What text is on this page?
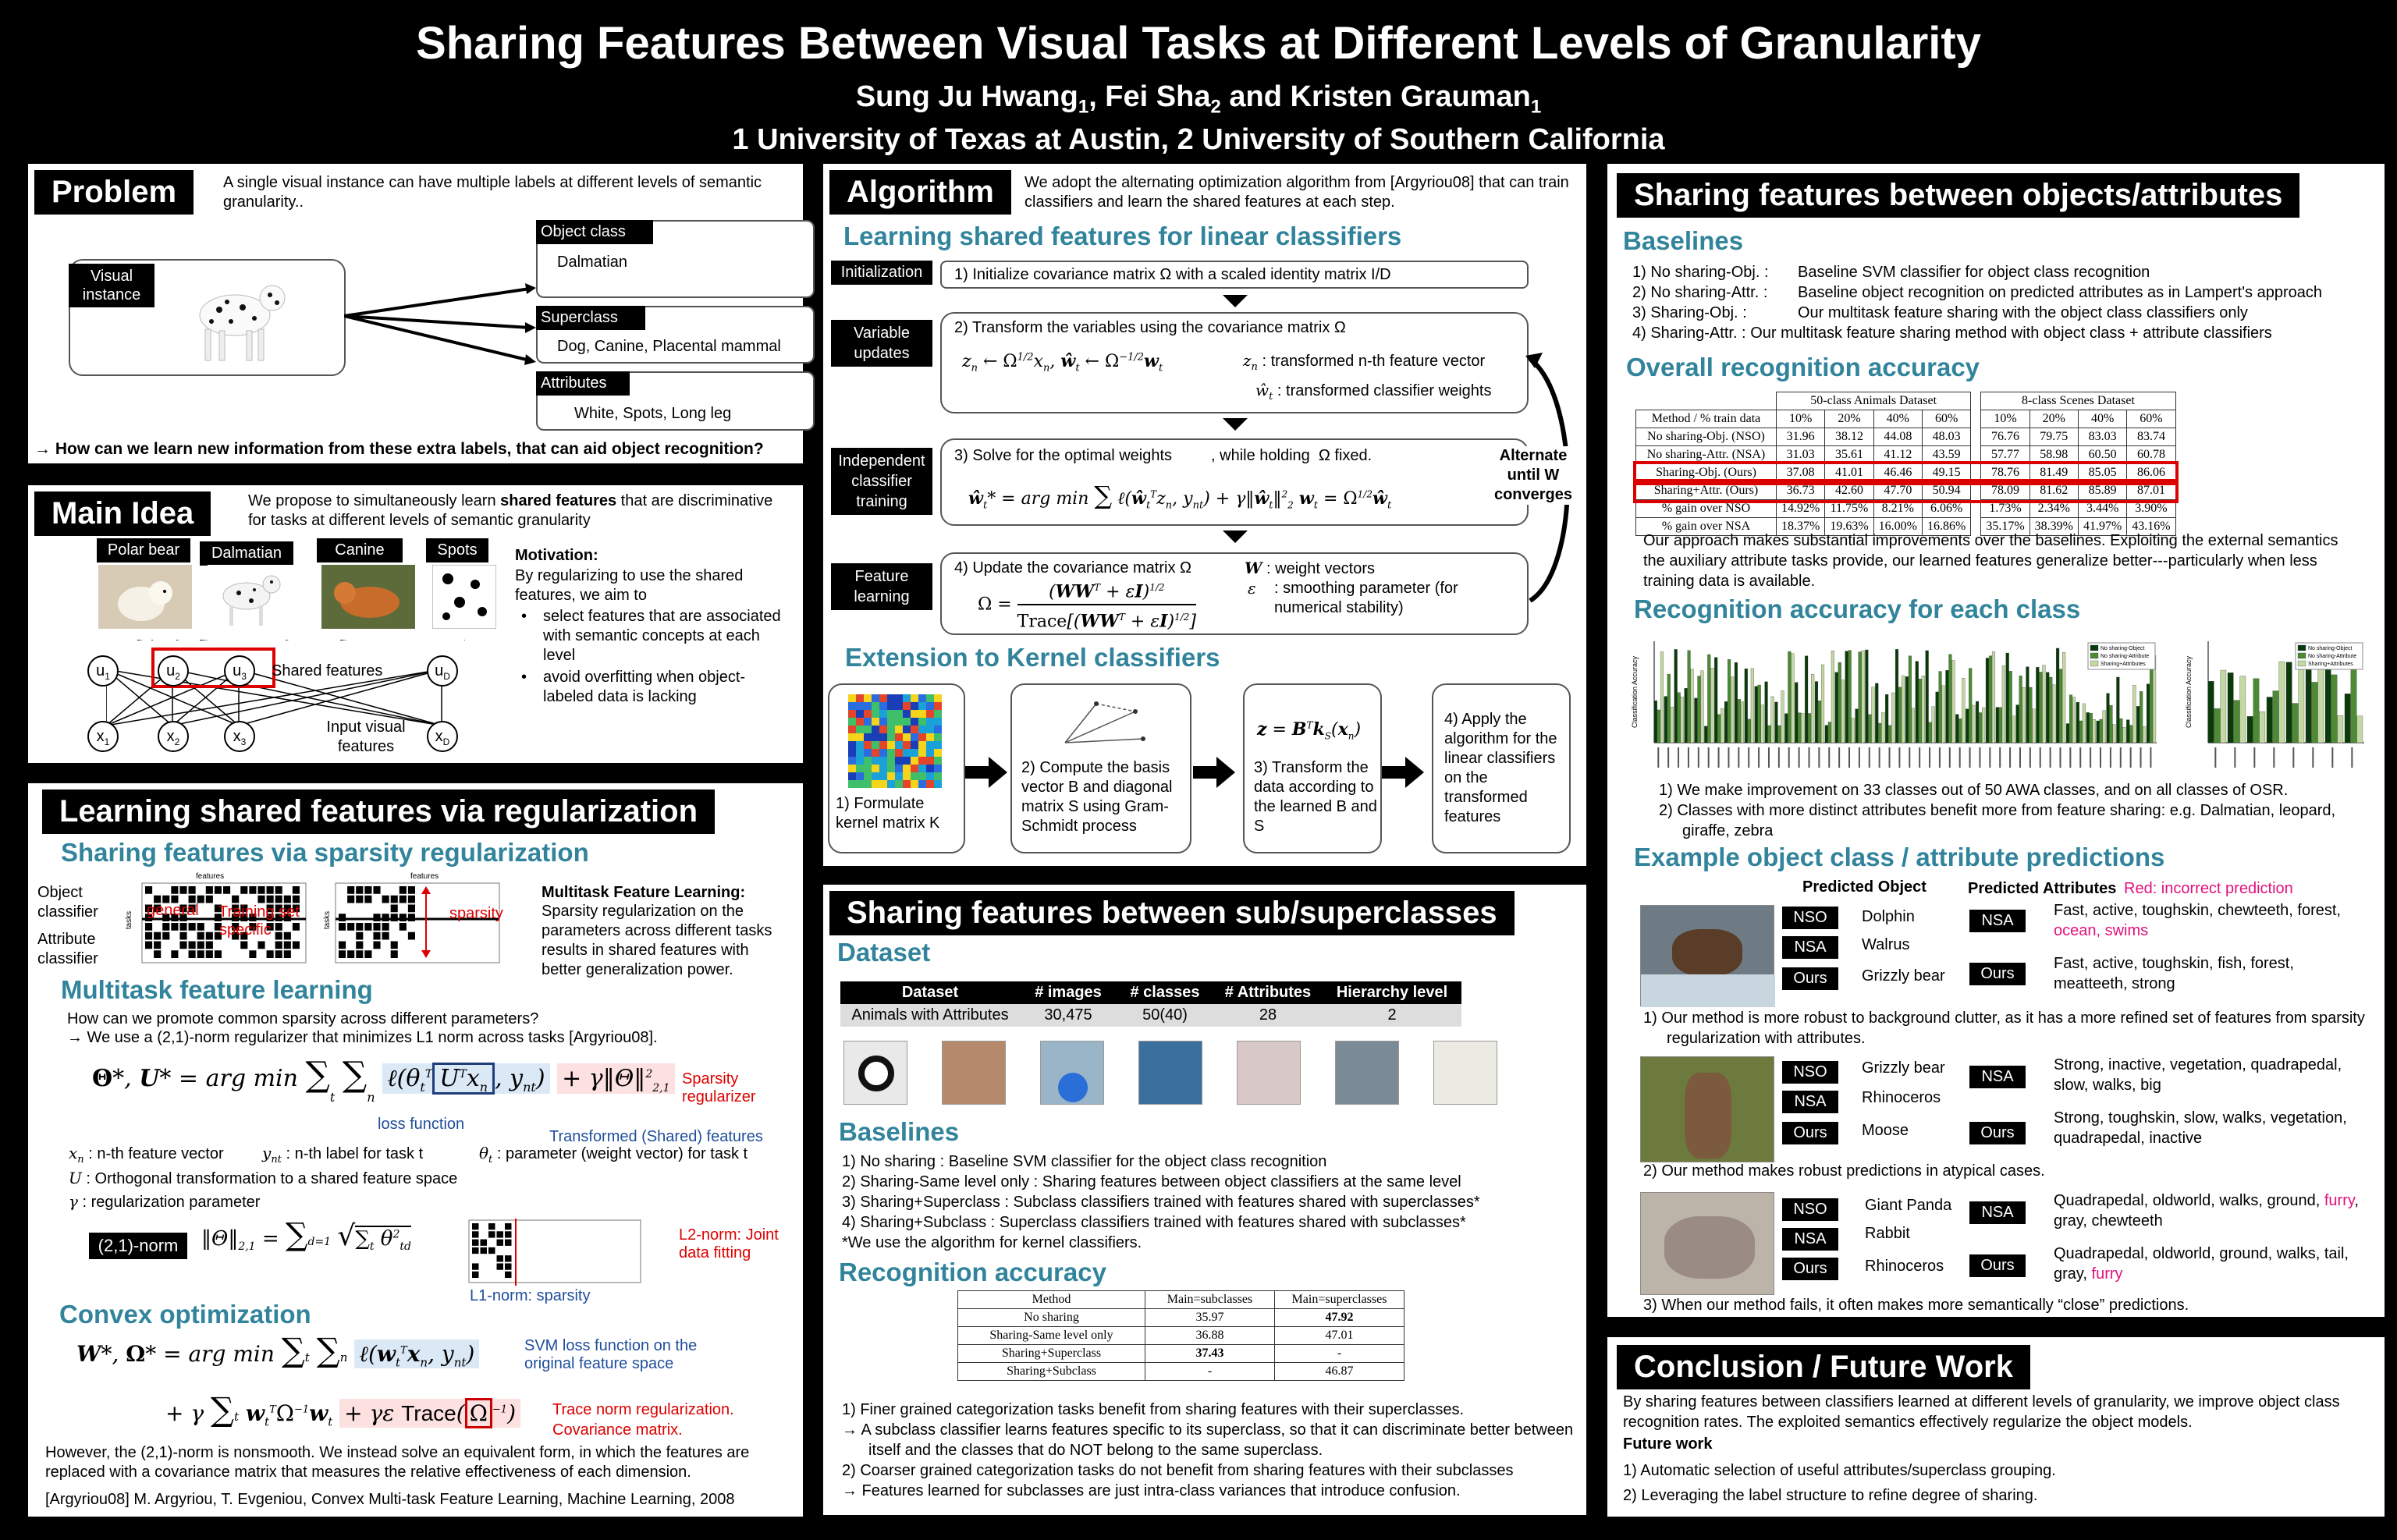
Sharing Features Between Visual Tasks at Different Levels of Granularity
Sung Ju Hwang$_1$, Fei Sha$_2$ and Kristen Grauman$_1$
1 University of Texas at Austin, 2 University of Southern California
Problem	A single visual instance can have multiple labels at different levels of semantic granularity..
Visual instance
Object class
Dalmatian
Superclass
Dog, Canine, Placental mammal
Attributes
White, Spots, Long leg
→ How can we learn new information from these extra labels, that can aid object recognition?
Main Idea	We propose to simultaneously learn shared features that are discriminative for tasks at different levels of semantic granularity
Polar bear	Dalmatian	Canine	Spots
$u_1$	$u_2$	$u_3$	$u_D$
Shared features
$x_1$	$x_2$	$x_3$	$x_D$
Input visual features
Motivation:
By regularizing to use the shared features, we aim to
• select features that are associated with semantic concepts at each level
• avoid overfitting when object-labeled data is lacking
Learning shared features via regularization
Sharing features via sparsity regularization
Object classifier
Attribute classifier
features
tasks
general Training set
specific
features
tasks	sparsity
Multitask Feature Learning:
Sparsity regularization on the parameters across different tasks results in shared features with better generalization power.
Multitask feature learning
How can we promote common sparsity across different parameters?
→ We use a (2,1)-norm regularizer that minimizes L1 norm across tasks [Argyriou08].
Θ*, U* = arg $\min \sum_t$ $\sum_n$ $\ell(\theta_t^T$ $U^Tx_n$ , $y_{nt}$) + γ‖Θ‖$^2_{2,1}$
Sparsity regularizer
loss function
Transformed (Shared) features
$x_n$ : n-th feature vector $y_{nt}$ : n-th label for task t	$\theta_t$ : parameter (weight vector) for task t
U : Orthogonal transformation to a shared feature space
γ : regularization parameter
(2,1)-norm	$‖\Theta‖_{2,1} = \sum d=1$ $√\sum_t$ $\theta^2_{td}$
L2-norm: Joint data fitting
L1-norm: sparsity
Convex optimization
W*, Ω* = arg min ∑t ∑n $\ell(w_t^Tx_n$, $y_{nt}$)	SVM loss function on the original feature space
+ γ ∑t $w_t^T\Omega^{-1}w_t + \gamma\varepsilon$ Trace( Ω $^{-1}$)	Trace norm regularization.
Covariance matrix.
However, the (2,1)-norm is nonsmooth. We instead solve an equivalent form, in which the features are replaced with a covariance matrix that measures the relative effectiveness of each dimension.
[Argyriou08] M. Argyriou, T. Evgeniou, Convex Multi-task Feature Learning, Machine Learning, 2008
Algorithm	We adopt the alternating optimization algorithm from [Argyriou08] that can train classifiers and learn the shared features at each step.
Learning shared features for linear classifiers
Initialization	1) Initialize covariance matrix Ω with a scaled identity matrix I/D
Variable updates
2) Transform the variables using the covariance matrix Ω
$z_n$ ← $\Omega^{1/2}x_n$, $ŵ_t$ ← $\Omega^{-1/2}w_t$	$z_n$ : transformed n-th feature vector
$ŵ_t$ : transformed classifier weights
Independent classifier training
3) Solve for the optimal weights         , while holding  Ω fixed.
$ŵ_t*$ = arg min ∑ $\ell(ŵ_t^Tz_n$, $y_{nt}$) + $\gamma‖ŵ_t‖^2_2$ $w_t$ = $\Omega^{1/2}ŵ_t$
Feature learning
4) Update the covariance matrix Ω
Ω =
$(WW^T + \varepsilon I)^{1/2}$
$Trace[(WW^T + \varepsilon I)^{1/2}]$
W : weight vectors
ε	: smoothing parameter (for numerical stability)
Alternate until W converges
Extension to Kernel classifiers
1) Formulate kernel matrix K
2) Compute the basis vector B and diagonal matrix S using Gram-Schmidt process
$z = B^Tk_S(x_n)$
3) Transform the data according to the learned B and S
4) Apply the algorithm for the linear classifiers on the transformed features
Sharing features between sub/superclasses
Dataset
Dataset	# images	# classes	# Attributes	Hierarchy level
Animals with Attributes	30,475	50(40)	28	2
Baselines
1) No sharing : Baseline SVM classifier for the object class recognition
2) Sharing-Same level only : Sharing features between object classifiers at the same level
3) Sharing+Superclass : Subclass classifiers trained with features shared with superclasses*
4) Sharing+Subclass : Superclass classifiers trained with features shared with subclasses*
*We use the algorithm for kernel classifiers.
Recognition accuracy
Method	Main=subclasses	Main=superclasses
No sharing	35.97	47.92
Sharing-Same level only	36.88	47.01
Sharing+Superclass	37.43	-
Sharing+Subclass	-	46.87
1) Finer grained categorization tasks benefit from sharing features with their superclasses.
→ A subclass classifier learns features specific to its superclass, so that it can discriminate better between itself and the classes that do NOT belong to the same superclass.
2) Coarser grained categorization tasks do not benefit from sharing features with their subclasses
→ Features learned for subclasses are just intra-class variances that introduce confusion.
Sharing features between objects/attributes
Baselines
1) No sharing-Obj. : Baseline SVM classifier for object class recognition
2) No sharing-Attr. : Baseline object recognition on predicted attributes as in Lampert's approach
3) Sharing-Obj. :	Our multitask feature sharing with the object class classifiers only
4) Sharing-Attr. : Our multitask feature sharing method with object class + attribute classifiers
Overall recognition accuracy
	50-class Animals Dataset					8-class Scenes Dataset			
Method / % train data	10%	20%	40%	60%		10%	20%	40%	60%
No sharing-Obj. (NSO)	31.96	38.12	44.08	48.03		76.76	79.75	83.03	83.74
No sharing-Attr. (NSA)	31.03	35.61	41.12	43.59		57.77	58.98	60.50	60.78
Sharing-Obj. (Ours)	37.08	41.01	46.46	49.15		78.76	81.49	85.05	86.06
Sharing+Attr. (Ours)	36.73	42.60	47.70	50.94		78.09	81.62	85.89	87.01
% gain over NSO	14.92%	11.75%	8.21%	6.06%		1.73%	2.34%	3.44%	3.90%
% gain over NSA	18.37%	19.63%	16.00%	16.86%		35.17%	38.39%	41.97%	43.16%
Our approach makes substantial improvements over the baselines. Exploiting the external semantics the auxiliary attribute tasks provide, our learned features generalize better---particularly when less training data is available.
Recognition accuracy for each class
Classification Accuracy
No sharing-Object
No sharing-Attribute
Sharing+Attributes	Classification Accuracy
No sharing-Object
No sharing-Attribute
Sharing+Attributes
1) We make improvement on 33 classes out of 50 AWA classes, and on all classes of OSR.
2) Classes with more distinct attributes benefit more from feature sharing: e.g. Dalmatian, leopard, giraffe, zebra
Example object class / attribute predictions
Predicted Object	Predicted Attributes Red: incorrect prediction
NSO	Dolphin
NSA	Walrus
Ours	Grizzly bear
NSA
Fast, active, toughskin, chewteeth, forest, ocean, swims
Ours
Fast, active, toughskin, fish, forest, meatteeth, strong
1) Our method is more robust to background clutter, as it has a more refined set of features from sparsity regularization with attributes.
NSO	Grizzly bear
NSA	Rhinoceros
Ours	Moose
NSA
Strong, inactive, vegetation, quadrapedal, slow, walks, big
Ours
Strong, toughskin, slow, walks, vegetation, quadrapedal, inactive
2) Our method makes robust predictions in atypical cases.
NSO	Giant Panda
NSA	Rabbit
Ours	Rhinoceros
NSA
Quadrapedal, oldworld, walks, ground, furry, gray, chewteeth
Ours
Quadrapedal, oldworld, ground, walks, tail, gray, furry
3) When our method fails, it often makes more semantically “close” predictions.
Conclusion / Future Work
By sharing features between classifiers learned at different levels of granularity, we improve object class recognition rates. The exploited semantics effectively regularize the object models.
Future work
1) Automatic selection of useful attributes/superclass grouping.
2) Leveraging the label structure to refine degree of sharing.
